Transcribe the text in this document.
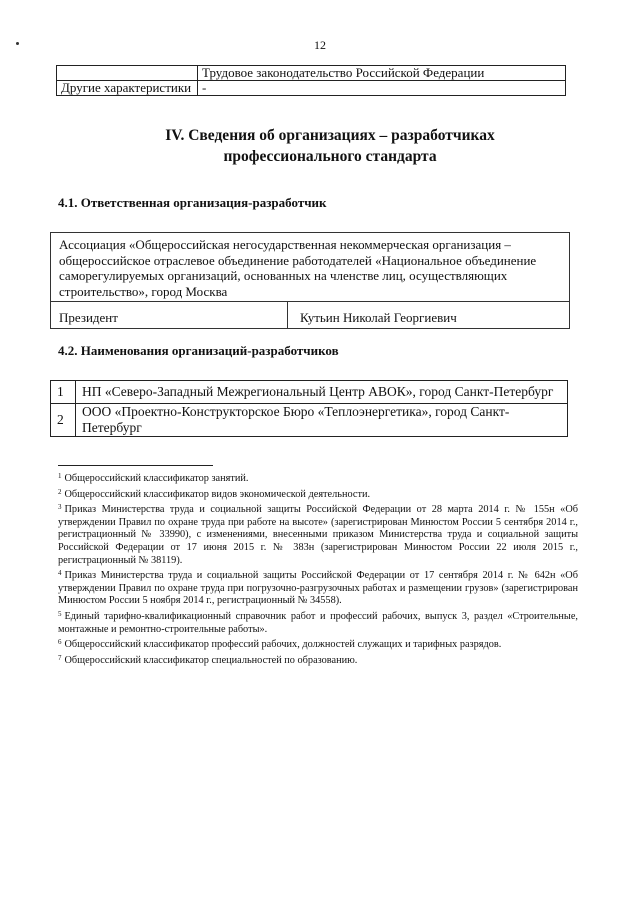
12
	Трудовое законодательство Российской Федерации
Другие характеристики	-
IV. Сведения об организациях – разработчиках
профессионального стандарта
4.1. Ответственная организация-разработчик
Ассоциация «Общероссийская негосударственная некоммерческая организация – общероссийское отраслевое объединение работодателей «Национальное объединение саморегулируемых организаций, основанных на членстве лиц, осуществляющих строительство», город Москва
Президент	Кутьин Николай Георгиевич
4.2. Наименования организаций-разработчиков
1	НП «Северо-Западный Межрегиональный Центр АВОК», город Санкт-Петербург
2	ООО «Проектно-Конструкторское Бюро «Теплоэнергетика», город Санкт-Петербург

$^1$ Общероссийский классификатор занятий.

$^2$ Общероссийский классификатор видов экономической деятельности.

$^3$ Приказ Министерства труда и социальной защиты Российской Федерации от 28 марта 2014 г. № 155н «Об утверждении Правил по охране труда при работе на высоте» (зарегистрирован Минюстом России 5 сентября 2014 г., регистрационный № 33990), с изменениями, внесенными приказом Министерства труда и социальной защиты Российской Федерации от 17 июня 2015 г. № 383н (зарегистрирован Минюстом России 22 июля 2015 г., регистрационный № 38119).

$^4$ Приказ Министерства труда и социальной защиты Российской Федерации от 17 сентября 2014 г. № 642н «Об утверждении Правил по охране труда при погрузочно-разгрузочных работах и размещении грузов» (зарегистрирован Минюстом России 5 ноября 2014 г., регистрационный № 34558).

$^5$ Единый тарифно-квалификационный справочник работ и профессий рабочих, выпуск 3, раздел «Строительные, монтажные и ремонтно-строительные работы».

$^6$ Общероссийский классификатор профессий рабочих, должностей служащих и тарифных разрядов.

$^7$ Общероссийский классификатор специальностей по образованию.
